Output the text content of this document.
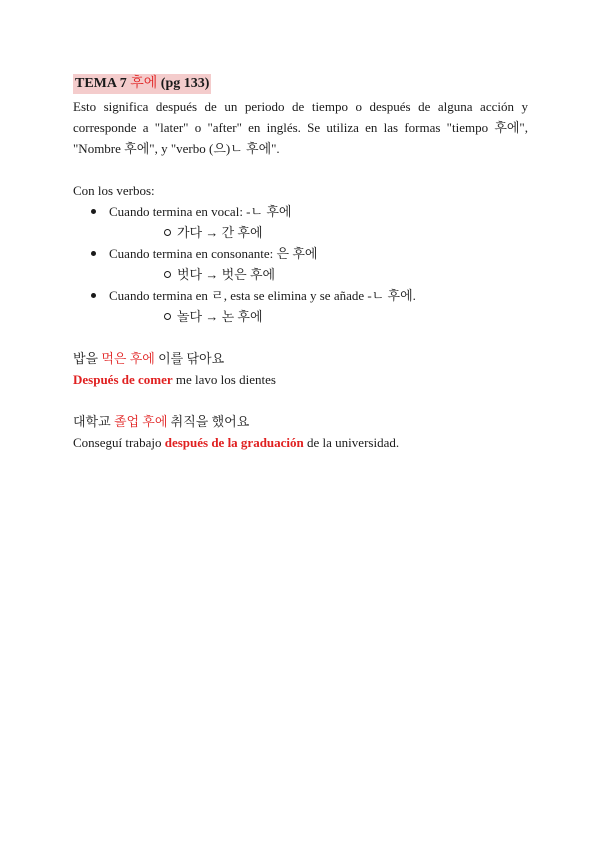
TEMA 7 후에 (pg 133)

Esto significa después de un periodo de tiempo o después de alguna acción y corresponde a "later" o "after" en inglés. Se utiliza en las formas "tiempo 후에", "Nombre 후에", y "verbo (으)ㄴ 후에".

Con los verbos:

Cuando termina en vocal: -ㄴ 후에
가다 → 간 후에
Cuando termina en consonante: 은 후에
벗다 → 벗은 후에
Cuando termina en ㄹ, esta se elimina y se añade -ㄴ 후에.
놀다 → 논 후에

밥을 먹은 후에 이를 닦아요

Después de comer me lavo los dientes

대학교 졸업 후에 취직을 했어요

Conseguí trabajo después de la graduación de la universidad.
